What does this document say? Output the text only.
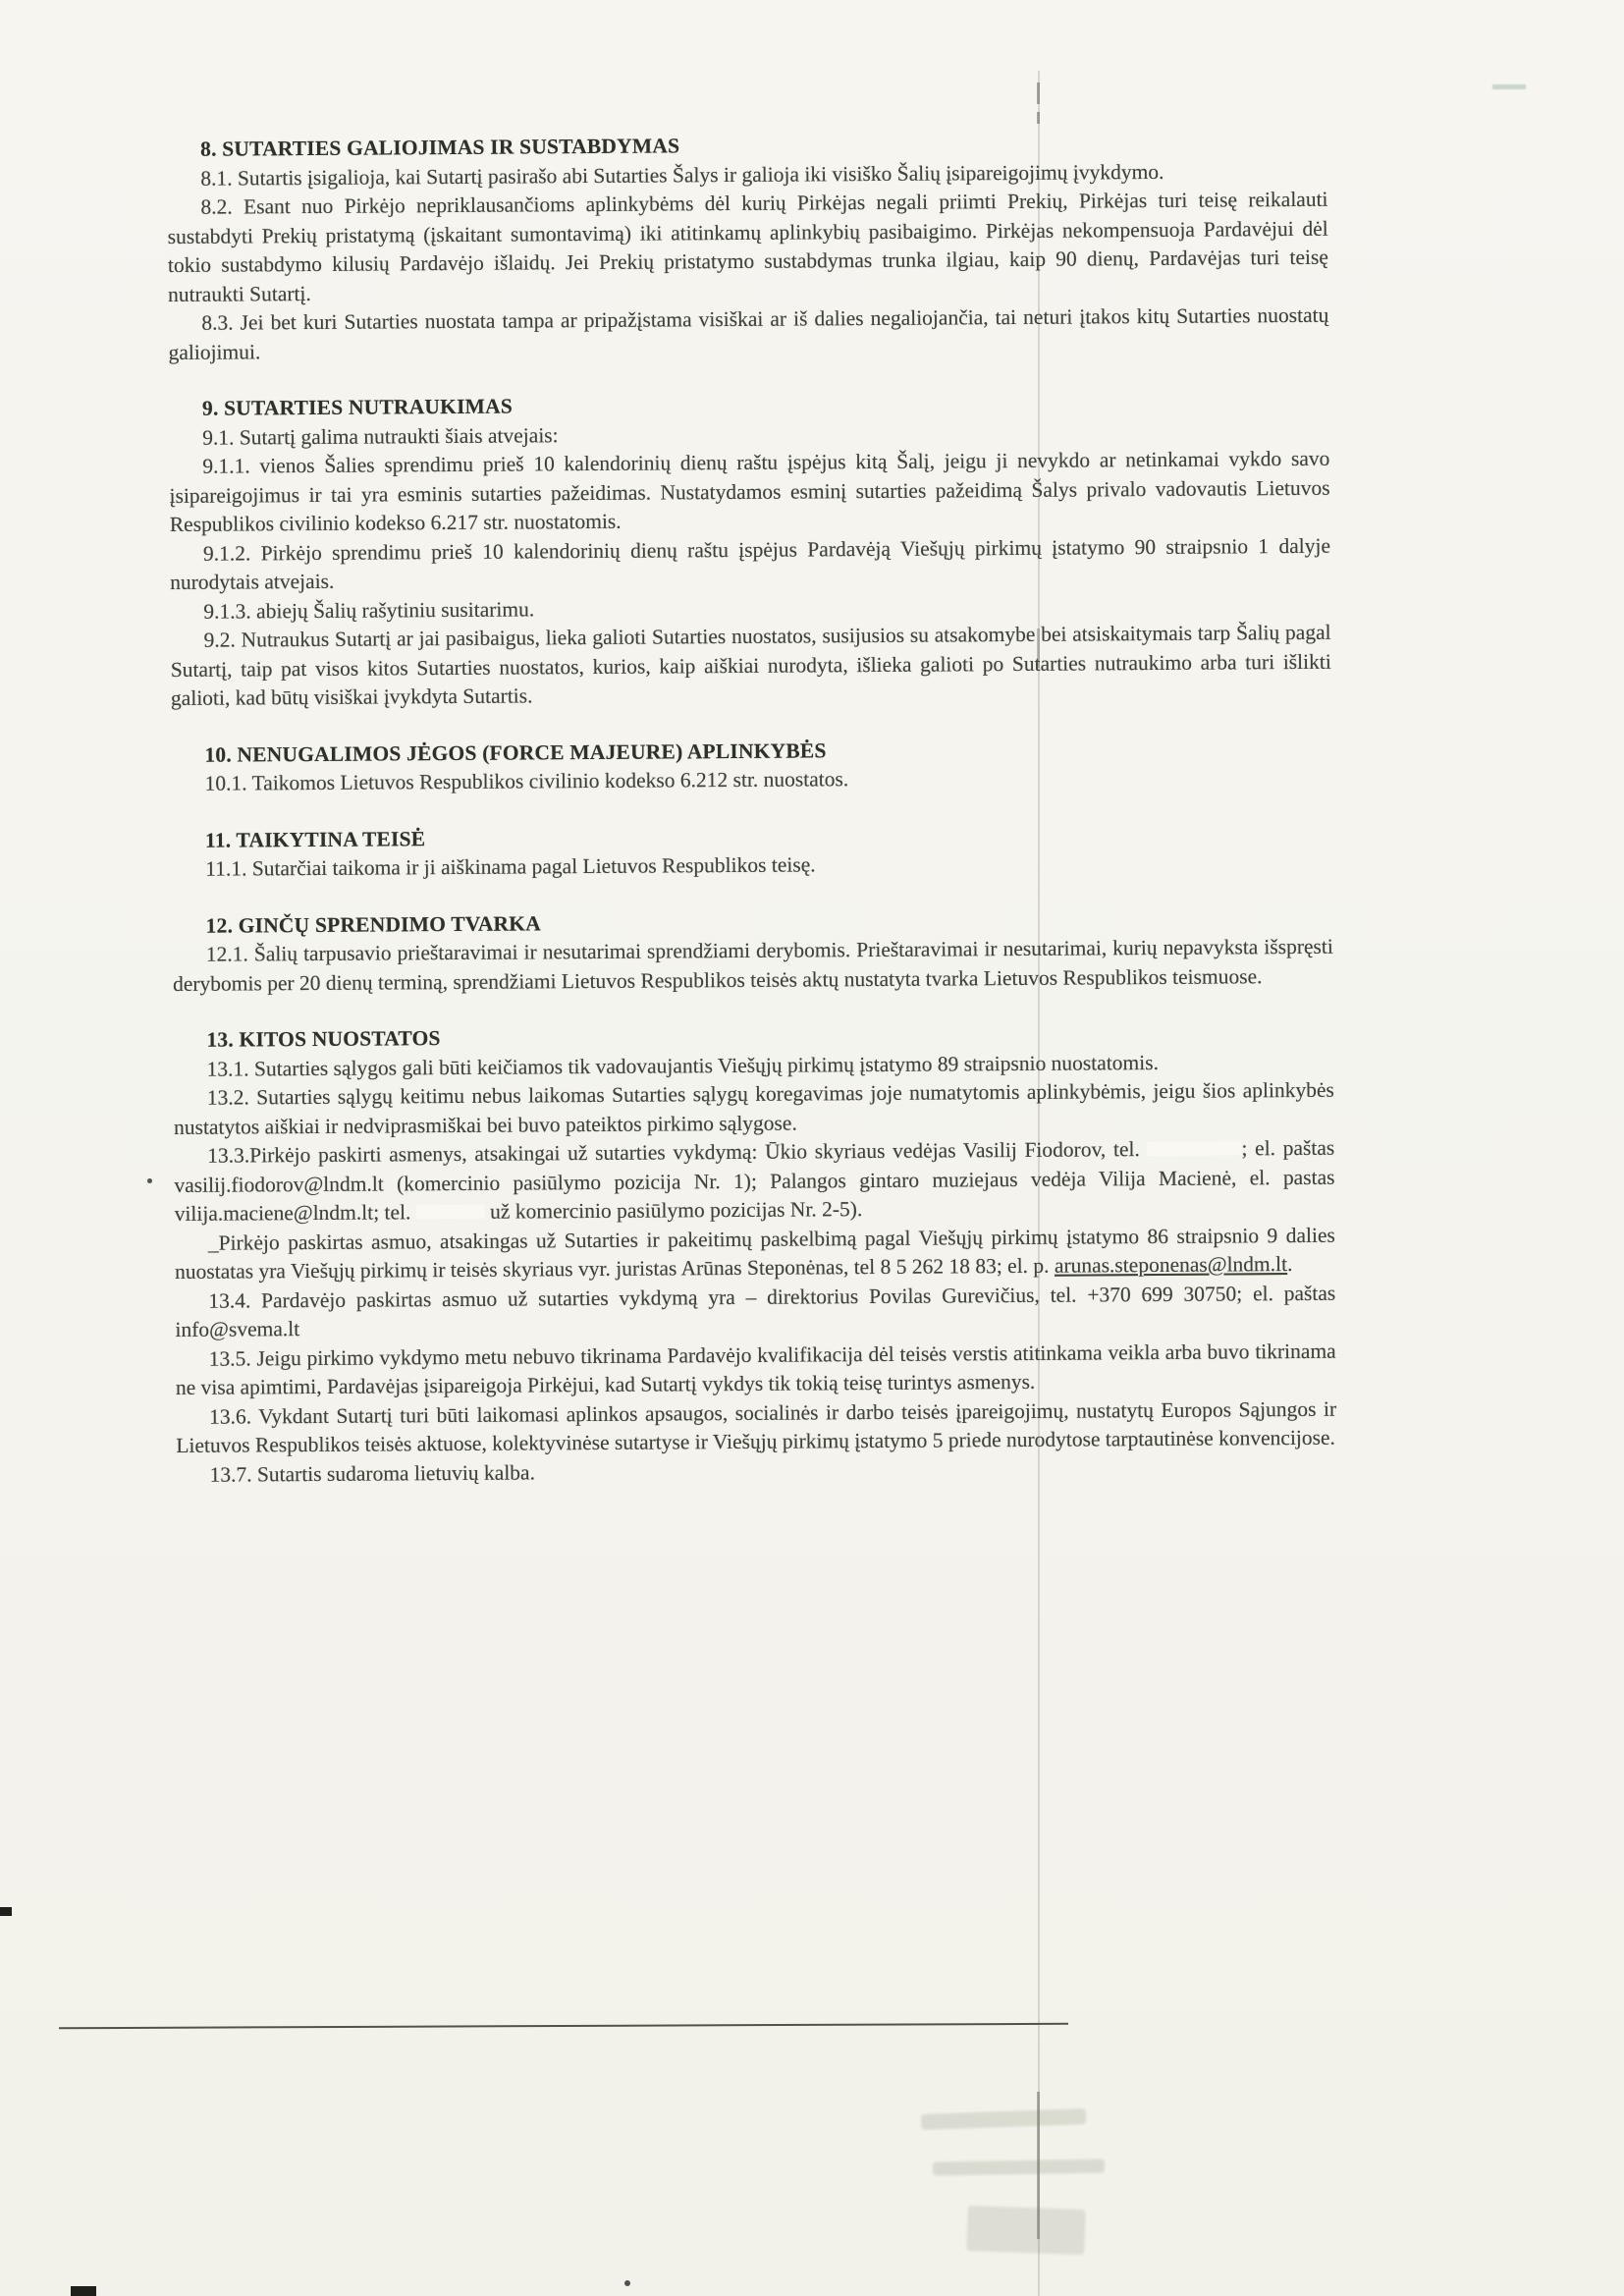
8. SUTARTIES GALIOJIMAS IR SUSTABDYMAS

8.1. Sutartis įsigalioja, kai Sutartį pasirašo abi Sutarties Šalys ir galioja iki visiško Šalių įsipareigojimų įvykdymo.

8.2. Esant nuo Pirkėjo nepriklausančioms aplinkybėms dėl kurių Pirkėjas negali priimti Prekių, Pirkėjas turi teisę reikalauti sustabdyti Prekių pristatymą (įskaitant sumontavimą) iki atitinkamų aplinkybių pasibaigimo. Pirkėjas nekompensuoja Pardavėjui dėl tokio sustabdymo kilusių Pardavėjo išlaidų. Jei Prekių pristatymo sustabdymas trunka ilgiau, kaip 90 dienų, Pardavėjas turi teisę nutraukti Sutartį.

8.3. Jei bet kuri Sutarties nuostata tampa ar pripažįstama visiškai ar iš dalies negaliojančia, tai neturi įtakos kitų Sutarties nuostatų galiojimui.

9. SUTARTIES NUTRAUKIMAS

9.1. Sutartį galima nutraukti šiais atvejais:

9.1.1. vienos Šalies sprendimu prieš 10 kalendorinių dienų raštu įspėjus kitą Šalį, jeigu ji nevykdo ar netinkamai vykdo savo įsipareigojimus ir tai yra esminis sutarties pažeidimas. Nustatydamos esminį sutarties pažeidimą Šalys privalo vadovautis Lietuvos Respublikos civilinio kodekso 6.217 str. nuostatomis.

9.1.2. Pirkėjo sprendimu prieš 10 kalendorinių dienų raštu įspėjus Pardavėją Viešųjų pirkimų įstatymo 90 straipsnio 1 dalyje nurodytais atvejais.

9.1.3. abiejų Šalių rašytiniu susitarimu.

9.2. Nutraukus Sutartį ar jai pasibaigus, lieka galioti Sutarties nuostatos, susijusios su atsakomybe bei atsiskaitymais tarp Šalių pagal Sutartį, taip pat visos kitos Sutarties nuostatos, kurios, kaip aiškiai nurodyta, išlieka galioti po Sutarties nutraukimo arba turi išlikti galioti, kad būtų visiškai įvykdyta Sutartis.

10. NENUGALIMOS JĖGOS (FORCE MAJEURE) APLINKYBĖS

10.1. Taikomos Lietuvos Respublikos civilinio kodekso 6.212 str. nuostatos.

11. TAIKYTINA TEISĖ

11.1. Sutarčiai taikoma ir ji aiškinama pagal Lietuvos Respublikos teisę.

12. GINČŲ SPRENDIMO TVARKA

12.1. Šalių tarpusavio prieštaravimai ir nesutarimai sprendžiami derybomis. Prieštaravimai ir nesutarimai, kurių nepavyksta išspręsti derybomis per 20 dienų terminą, sprendžiami Lietuvos Respublikos teisės aktų nustatyta tvarka Lietuvos Respublikos teismuose.

13. KITOS NUOSTATOS

13.1. Sutarties sąlygos gali būti keičiamos tik vadovaujantis Viešųjų pirkimų įstatymo 89 straipsnio nuostatomis.

13.2. Sutarties sąlygų keitimu nebus laikomas Sutarties sąlygų koregavimas joje numatytomis aplinkybėmis, jeigu šios aplinkybės nustatytos aiškiai ir nedviprasmiškai bei buvo pateiktos pirkimo sąlygose.

13.3.Pirkėjo paskirti asmenys, atsakingai už sutarties vykdymą: Ūkio skyriaus vedėjas Vasilij Fiodorov, tel.	; el. paštas vasilij.fiodorov@lndm.lt (komercinio pasiūlymo pozicija Nr. 1); Palangos gintaro muziejaus vedėja Vilija Macienė, el. pastas vilija.maciene@lndm.lt; tel.	už komercinio pasiūlymo pozicijas Nr. 2-5).

_Pirkėjo paskirtas asmuo, atsakingas už Sutarties ir pakeitimų paskelbimą pagal Viešųjų pirkimų įstatymo 86 straipsnio 9 dalies nuostatas yra Viešųjų pirkimų ir teisės skyriaus vyr. juristas Arūnas Steponėnas, tel 8 5 262 18 83; el. p. arunas.steponenas@lndm.lt.

13.4. Pardavėjo paskirtas asmuo už sutarties vykdymą yra – direktorius Povilas Gurevičius, tel. +370 699 30750; el. paštas info@svema.lt

13.5. Jeigu pirkimo vykdymo metu nebuvo tikrinama Pardavėjo kvalifikacija dėl teisės verstis atitinkama veikla arba buvo tikrinama ne visa apimtimi, Pardavėjas įsipareigoja Pirkėjui, kad Sutartį vykdys tik tokią teisę turintys asmenys.

13.6. Vykdant Sutartį turi būti laikomasi aplinkos apsaugos, socialinės ir darbo teisės įpareigojimų, nustatytų Europos Sąjungos ir Lietuvos Respublikos teisės aktuose, kolektyvinėse sutartyse ir Viešųjų pirkimų įstatymo 5 priede nurodytose tarptautinėse konvencijose.

13.7. Sutartis sudaroma lietuvių kalba.
